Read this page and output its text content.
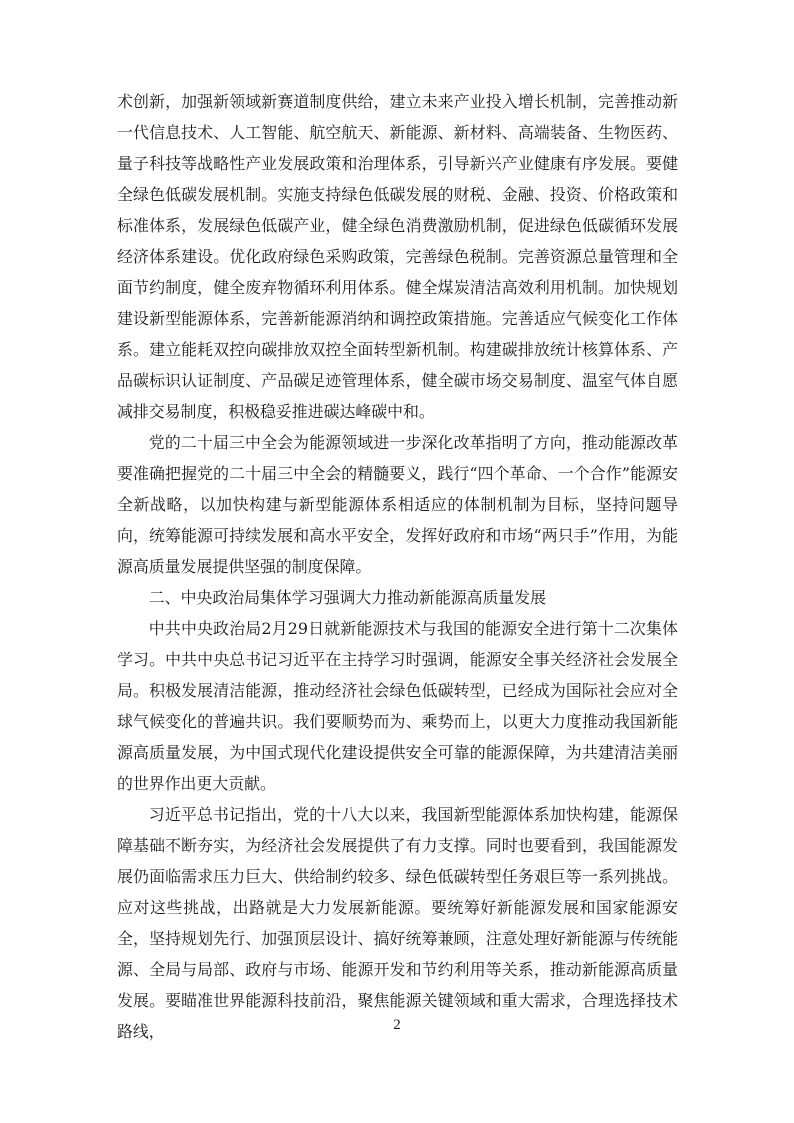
术创新，加强新领域新赛道制度供给，建立未来产业投入增长机制，完善推动新一代信息技术、人工智能、航空航天、新能源、新材料、高端装备、生物医药、量子科技等战略性产业发展政策和治理体系，引导新兴产业健康有序发展。要健全绿色低碳发展机制。实施支持绿色低碳发展的财税、金融、投资、价格政策和标准体系，发展绿色低碳产业，健全绿色消费激励机制，促进绿色低碳循环发展经济体系建设。优化政府绿色采购政策，完善绿色税制。完善资源总量管理和全面节约制度，健全废弃物循环利用体系。健全煤炭清洁高效利用机制。加快规划建设新型能源体系，完善新能源消纳和调控政策措施。完善适应气候变化工作体系。建立能耗双控向碳排放双控全面转型新机制。构建碳排放统计核算体系、产品碳标识认证制度、产品碳足迹管理体系，健全碳市场交易制度、温室气体自愿减排交易制度，积极稳妥推进碳达峰碳中和。

党的二十届三中全会为能源领域进一步深化改革指明了方向，推动能源改革要准确把握党的二十届三中全会的精髓要义，践行“四个革命、一个合作”能源安全新战略，以加快构建与新型能源体系相适应的体制机制为目标，坚持问题导向，统筹能源可持续发展和高水平安全，发挥好政府和市场“两只手”作用，为能源高质量发展提供坚强的制度保障。

二、中央政治局集体学习强调大力推动新能源高质量发展

中共中央政治局2月29日就新能源技术与我国的能源安全进行第十二次集体学习。中共中央总书记习近平在主持学习时强调，能源安全事关经济社会发展全局。积极发展清洁能源，推动经济社会绿色低碳转型，已经成为国际社会应对全球气候变化的普遍共识。我们要顺势而为、乘势而上，以更大力度推动我国新能源高质量发展，为中国式现代化建设提供安全可靠的能源保障，为共建清洁美丽的世界作出更大贡献。

习近平总书记指出，党的十八大以来，我国新型能源体系加快构建，能源保障基础不断夯实，为经济社会发展提供了有力支撑。同时也要看到，我国能源发展仍面临需求压力巨大、供给制约较多、绿色低碳转型任务艰巨等一系列挑战。应对这些挑战，出路就是大力发展新能源。要统筹好新能源发展和国家能源安全，坚持规划先行、加强顶层设计、搞好统筹兼顾，注意处理好新能源与传统能源、全局与局部、政府与市场、能源开发和节约利用等关系，推动新能源高质量发展。要瞄准世界能源科技前沿，聚焦能源关键领域和重大需求，合理选择技术路线，	2
